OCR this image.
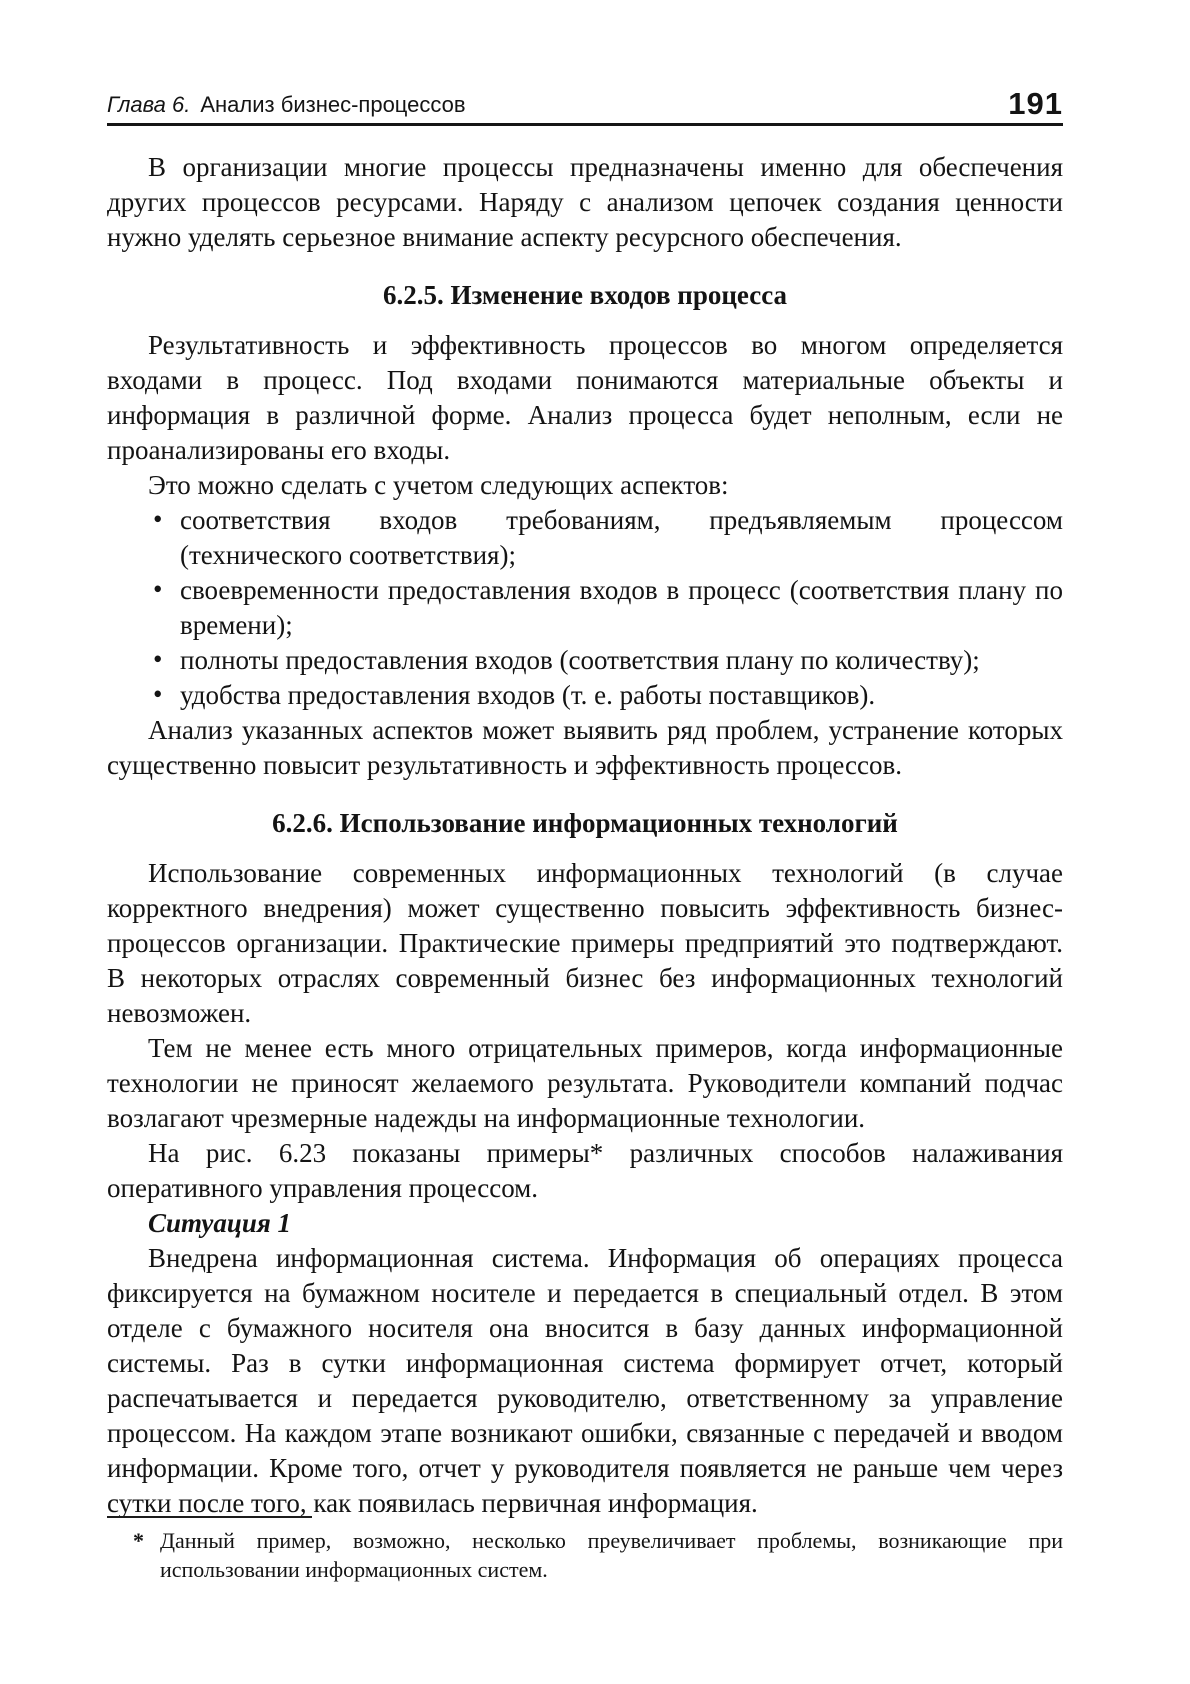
Глава 6. Анализ бизнес-процессов	191

В организации многие процессы предназначены именно для обеспечения других процессов ресурсами. Наряду с анализом цепочек создания ценности нужно уделять серьезное внимание аспекту ресурсного обеспечения.

6.2.5. Изменение входов процесса

Результативность и эффективность процессов во многом определяется входами в процесс. Под входами понимаются материальные объекты и информация в различной форме. Анализ процесса будет неполным, если не проанализированы его входы.

Это можно сделать с учетом следующих аспектов:

• соответствия входов требованиям, предъявляемым процессом (технического соответствия);
• своевременности предоставления входов в процесс (соответствия плану по времени);
• полноты предоставления входов (соответствия плану по количеству);
• удобства предоставления входов (т. е. работы поставщиков).

Анализ указанных аспектов может выявить ряд проблем, устранение которых существенно повысит результативность и эффективность процессов.

6.2.6. Использование информационных технологий

Использование современных информационных технологий (в случае корректного внедрения) может существенно повысить эффективность бизнес-процессов организации. Практические примеры предприятий это подтверждают. В некоторых отраслях современный бизнес без информационных технологий невозможен.

Тем не менее есть много отрицательных примеров, когда информационные технологии не приносят желаемого результата. Руководители компаний подчас возлагают чрезмерные надежды на информационные технологии.

На рис. 6.23 показаны примеры* различных способов налаживания оперативного управления процессом.

Ситуация 1

Внедрена информационная система. Информация об операциях процесса фиксируется на бумажном носителе и передается в специальный отдел. В этом отделе с бумажного носителя она вносится в базу данных информационной системы. Раз в сутки информационная система формирует отчет, который распечатывается и передается руководителю, ответственному за управление процессом. На каждом этапе возникают ошибки, связанные с передачей и вводом информации. Кроме того, отчет у руководителя появляется не раньше чем через сутки после того, как появилась первичная информация.

* Данный пример, возможно, несколько преувеличивает проблемы, возникающие при использовании информационных систем.
